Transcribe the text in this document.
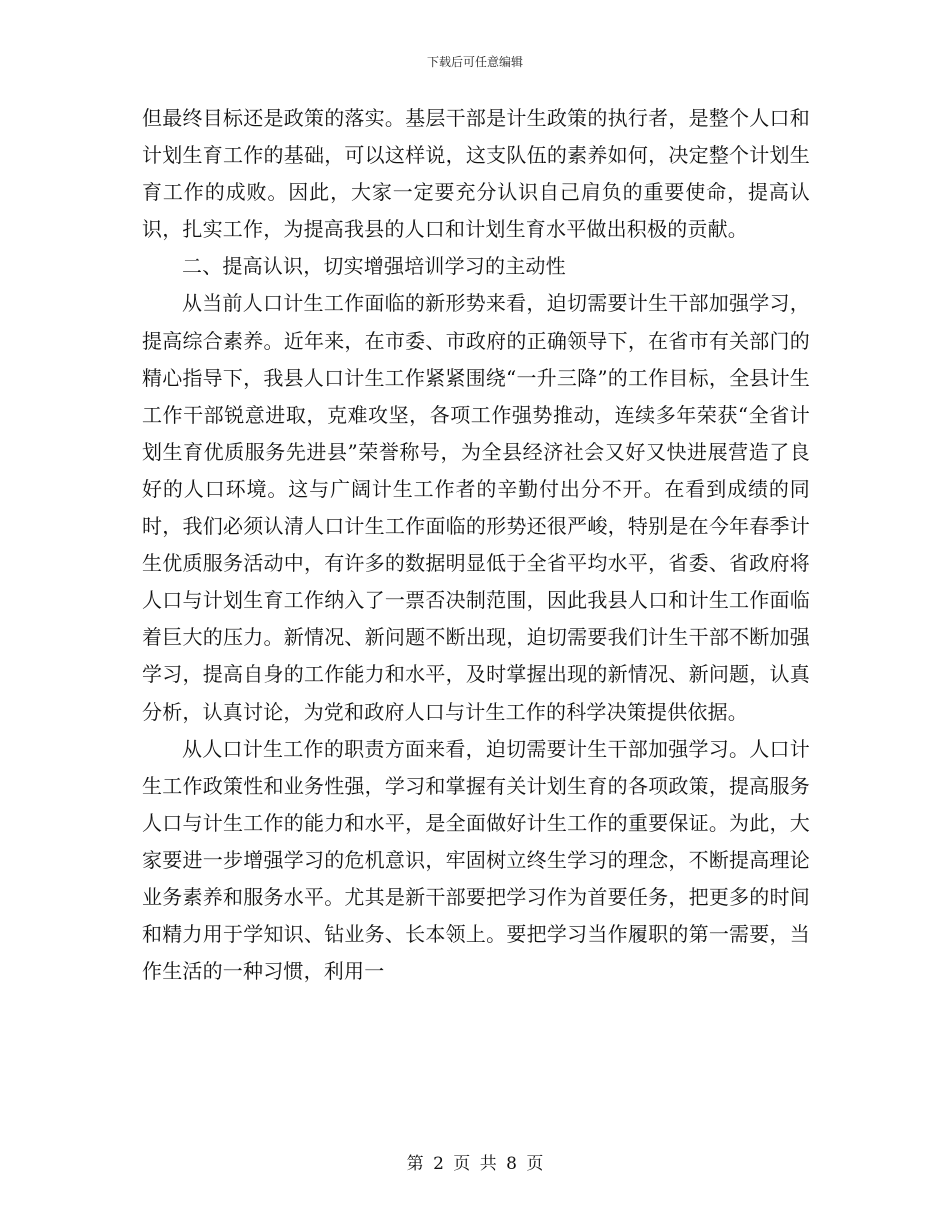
下载后可任意编辑

但最终目标还是政策的落实。基层干部是计生政策的执行者，是整个人口和计划生育工作的基础，可以这样说，这支队伍的素养如何，决定整个计划生育工作的成败。因此，大家一定要充分认识自己肩负的重要使命，提高认识，扎实工作，为提高我县的人口和计划生育水平做出积极的贡献。

二、提高认识，切实增强培训学习的主动性

从当前人口计生工作面临的新形势来看，迫切需要计生干部加强学习，提高综合素养。近年来，在市委、市政府的正确领导下，在省市有关部门的精心指导下，我县人口计生工作紧紧围绕“一升三降”的工作目标，全县计生工作干部锐意进取，克难攻坚，各项工作强势推动，连续多年荣获“全省计划生育优质服务先进县”荣誉称号，为全县经济社会又好又快进展营造了良好的人口环境。这与广阔计生工作者的辛勤付出分不开。在看到成绩的同时，我们必须认清人口计生工作面临的形势还很严峻，特别是在今年春季计生优质服务活动中，有许多的数据明显低于全省平均水平，省委、省政府将人口与计划生育工作纳入了一票否决制范围，因此我县人口和计生工作面临着巨大的压力。新情况、新问题不断出现，迫切需要我们计生干部不断加强学习，提高自身的工作能力和水平，及时掌握出现的新情况、新问题，认真分析，认真讨论，为党和政府人口与计生工作的科学决策提供依据。

从人口计生工作的职责方面来看，迫切需要计生干部加强学习。人口计生工作政策性和业务性强，学习和掌握有关计划生育的各项政策，提高服务人口与计生工作的能力和水平，是全面做好计生工作的重要保证。为此，大家要进一步增强学习的危机意识，牢固树立终生学习的理念，不断提高理论业务素养和服务水平。尤其是新干部要把学习作为首要任务，把更多的时间和精力用于学知识、钻业务、长本领上。要把学习当作履职的第一需要，当作生活的一种习惯，利用一

第 2 页 共 8 页
